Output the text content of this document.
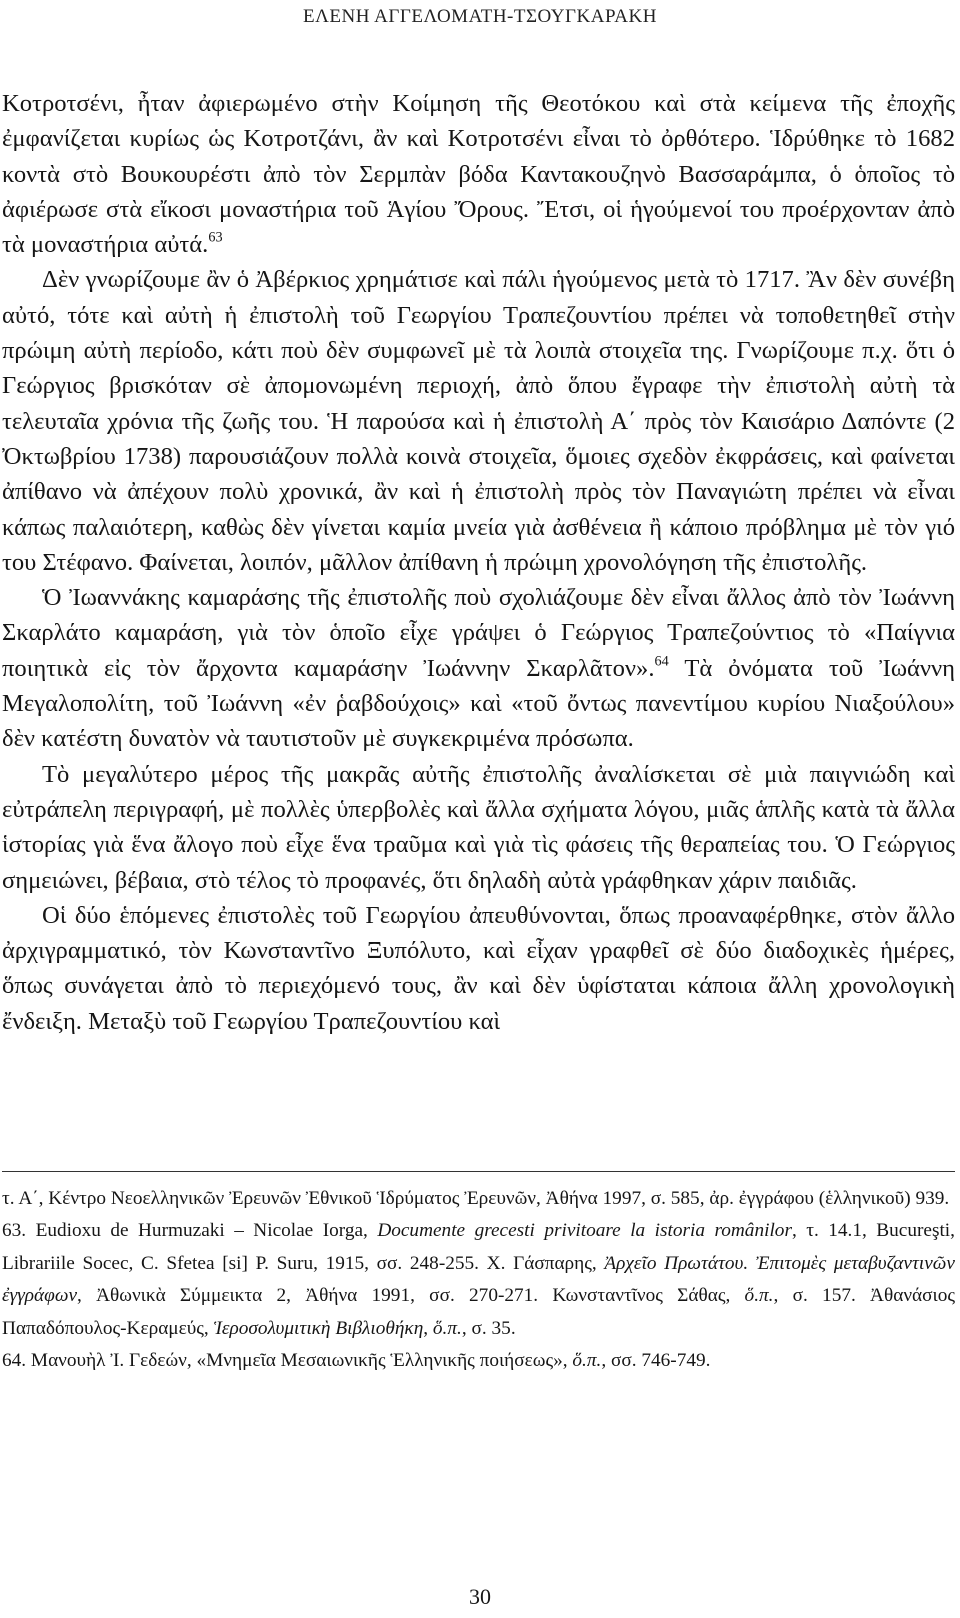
ΕΛΕΝΗ ΑΓΓΕΛΟΜΑΤΗ-ΤΣΟΥΓΚΑΡΑΚΗ

Κοτροτσένι, ἦταν ἀφιερωμένο στὴν Κοίμηση τῆς Θεοτόκου καὶ στὰ κείμενα τῆς ἐποχῆς ἐμφανίζεται κυρίως ὡς Κοτροτζάνι, ἂν καὶ Κοτροτσένι εἶναι τὸ ὀρθότερο. Ἱδρύθηκε τὸ 1682 κοντὰ στὸ Βουκουρέστι ἀπὸ τὸν Σερμπὰν βόδα Καντακουζηνὸ Βασσαράμπα, ὁ ὁποῖος τὸ ἀφιέρωσε στὰ εἴκοσι μοναστήρια τοῦ Ἁγίου Ὄρους. Ἔτσι, οἱ ἡγούμενοί του προέρχονταν ἀπὸ τὰ μοναστήρια αὐτά.$^{63}$

Δὲν γνωρίζουμε ἂν ὁ Ἀβέρκιος χρημάτισε καὶ πάλι ἡγούμενος μετὰ τὸ 1717. Ἂν δὲν συνέβη αὐτό, τότε καὶ αὐτὴ ἡ ἐπιστολὴ τοῦ Γεωργίου Τραπεζουντίου πρέπει νὰ τοποθετηθεῖ στὴν πρώιμη αὐτὴ περίοδο, κάτι ποὺ δὲν συμφωνεῖ μὲ τὰ λοιπὰ στοιχεῖα της. Γνωρίζουμε π.χ. ὅτι ὁ Γεώργιος βρισκόταν σὲ ἀπομονωμένη περιοχή, ἀπὸ ὅπου ἔγραφε τὴν ἐπιστολὴ αὐτὴ τὰ τελευταῖα χρόνια τῆς ζωῆς του. Ἡ παρούσα καὶ ἡ ἐπιστολὴ Α΄ πρὸς τὸν Καισάριο Δαπόντε (2 Ὀκτωβρίου 1738) παρουσιάζουν πολλὰ κοινὰ στοιχεῖα, ὅμοιες σχεδὸν ἐκφράσεις, καὶ φαίνεται ἀπίθανο νὰ ἀπέχουν πολὺ χρονικά, ἂν καὶ ἡ ἐπιστολὴ πρὸς τὸν Παναγιώτη πρέπει νὰ εἶναι κάπως παλαιότερη, καθὼς δὲν γίνεται καμία μνεία γιὰ ἀσθένεια ἢ κάποιο πρόβλημα μὲ τὸν γιό του Στέφανο. Φαίνεται, λοιπόν, μᾶλλον ἀπίθανη ἡ πρώιμη χρονολόγηση τῆς ἐπιστολῆς.

Ὁ Ἰωαννάκης καμαράσης τῆς ἐπιστολῆς ποὺ σχολιάζουμε δὲν εἶναι ἄλλος ἀπὸ τὸν Ἰωάννη Σκαρλάτο καμαράση, γιὰ τὸν ὁποῖο εἶχε γράψει ὁ Γεώργιος Τραπεζούντιος τὸ «Παίγνια ποιητικὰ εἰς τὸν ἄρχοντα καμαράσην Ἰωάννην Σκαρλᾶτον».$^{64}$ Τὰ ὀνόματα τοῦ Ἰωάννη Μεγαλοπολίτη, τοῦ Ἰωάννη «ἐν ῥαβδούχοις» καὶ «τοῦ ὄντως πανεντίμου κυρίου Νιαξούλου» δὲν κατέστη δυνατὸν νὰ ταυτιστοῦν μὲ συγκεκριμένα πρόσωπα.

Τὸ μεγαλύτερο μέρος τῆς μακρᾶς αὐτῆς ἐπιστολῆς ἀναλίσκεται σὲ μιὰ παιγνιώδη καὶ εὐτράπελη περιγραφή, μὲ πολλὲς ὑπερβολὲς καὶ ἄλλα σχήματα λόγου, μιᾶς ἁπλῆς κατὰ τὰ ἄλλα ἱστορίας γιὰ ἕνα ἄλογο ποὺ εἶχε ἕνα τραῦμα καὶ γιὰ τὶς φάσεις τῆς θεραπείας του. Ὁ Γεώργιος σημειώνει, βέβαια, στὸ τέλος τὸ προφανές, ὅτι δηλαδὴ αὐτὰ γράφθηκαν χάριν παιδιᾶς.

Οἱ δύο ἑπόμενες ἐπιστολὲς τοῦ Γεωργίου ἀπευθύνονται, ὅπως προαναφέρθηκε, στὸν ἄλλο ἀρχιγραμματικό, τὸν Κωνσταντῖνο Ξυπόλυτο, καὶ εἶχαν γραφθεῖ σὲ δύο διαδοχικὲς ἡμέρες, ὅπως συνάγεται ἀπὸ τὸ περιεχόμενό τους, ἂν καὶ δὲν ὑφίσταται κάποια ἄλλη χρονολογικὴ ἔνδειξη. Μεταξὺ τοῦ Γεωργίου Τραπεζουντίου καὶ

τ. Α΄, Κέντρο Νεοελληνικῶν Ἐρευνῶν Ἐθνικοῦ Ἱδρύματος Ἐρευνῶν, Ἀθήνα 1997, σ. 585, ἀρ. ἐγγράφου (ἑλληνικοῦ) 939.

63. Eudioxu de Hurmuzaki – Nicolae Iorga, Documente grecesti privitoare la istoria românilor, τ. 14.1, Bucureşti, Librariile Socec, C. Sfetea [si] P. Suru, 1915, σσ. 248-255. Χ. Γάσπαρης, Ἀρχεῖο Πρωτάτου. Ἐπιτομὲς μεταβυζαντινῶν ἐγγράφων, Ἀθωνικὰ Σύμμεικτα 2, Ἀθήνα 1991, σσ. 270-271. Κωνσταντῖνος Σάθας, ὅ.π., σ. 157. Ἀθανάσιος Παπαδόπουλος-Κεραμεύς, Ἱεροσολυμιτικὴ Βιβλιοθήκη, ὅ.π., σ. 35.

64. Μανουὴλ Ἰ. Γεδεών, «Μνημεῖα Μεσαιωνικῆς Ἑλληνικῆς ποιήσεως», ὅ.π., σσ. 746-749.

30
